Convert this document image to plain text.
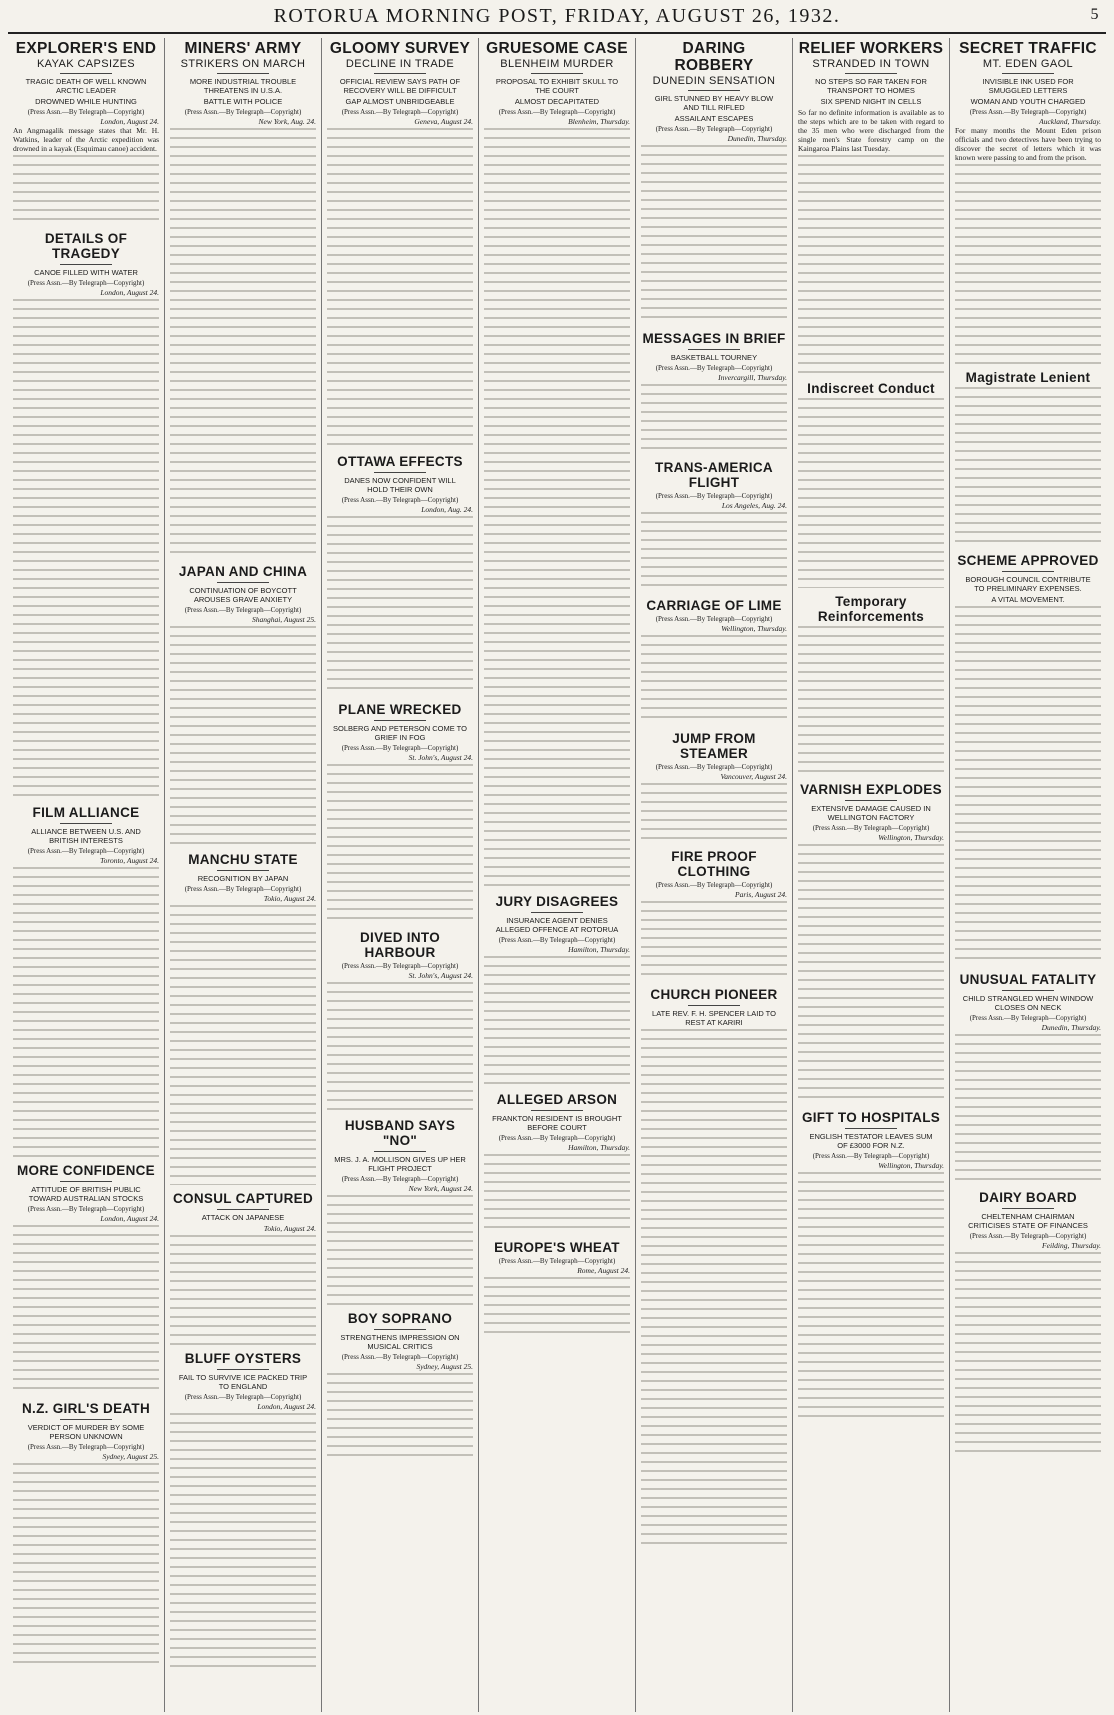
ROTORUA MORNING POST, FRIDAY, AUGUST 26, 1932.	5
EXPLORER'S END
KAYAK CAPSIZES
TRAGIC DEATH OF WELL KNOWN ARCTIC LEADER
DROWNED WHILE HUNTING
(Press Assn.—By Telegraph—Copyright)
London, August 24.
An Angmagalik message states that Mr. H. Watkins, leader of the Arctic expedition was drowned in a kayak (Esquimau canoe) accident.
DETAILS OF TRAGEDY
CANOE FILLED WITH WATER
(Press Assn.—By Telegraph—Copyright)
London, August 24.
FILM ALLIANCE
ALLIANCE BETWEEN U.S. AND BRITISH INTERESTS
(Press Assn.—By Telegraph—Copyright)
Toronto, August 24.
MORE CONFIDENCE
ATTITUDE OF BRITISH PUBLIC TOWARD AUSTRALIAN STOCKS
(Press Assn.—By Telegraph—Copyright)
London, August 24.
N.Z. GIRL'S DEATH
VERDICT OF MURDER BY SOME PERSON UNKNOWN
(Press Assn.—By Telegraph—Copyright)
Sydney, August 25.
MINERS' ARMY
STRIKERS ON MARCH
MORE INDUSTRIAL TROUBLE THREATENS IN U.S.A.
BATTLE WITH POLICE
(Press Assn.—By Telegraph—Copyright)
New York, Aug. 24.
JAPAN AND CHINA
CONTINUATION OF BOYCOTT AROUSES GRAVE ANXIETY
(Press Assn.—By Telegraph—Copyright)
Shanghai, August 25.
MANCHU STATE
RECOGNITION BY JAPAN
(Press Assn.—By Telegraph—Copyright)
Tokio, August 24.
CONSUL CAPTURED
ATTACK ON JAPANESE
Tokio, August 24.
BLUFF OYSTERS
FAIL TO SURVIVE ICE PACKED TRIP TO ENGLAND
(Press Assn.—By Telegraph—Copyright)
London, August 24.
GLOOMY SURVEY
DECLINE IN TRADE
OFFICIAL REVIEW SAYS PATH OF RECOVERY WILL BE DIFFICULT
GAP ALMOST UNBRIDGEABLE
(Press Assn.—By Telegraph—Copyright)
Geneva, August 24.
OTTAWA EFFECTS
DANES NOW CONFIDENT WILL HOLD THEIR OWN
(Press Assn.—By Telegraph—Copyright)
London, Aug. 24.
PLANE WRECKED
SOLBERG AND PETERSON COME TO GRIEF IN FOG
(Press Assn.—By Telegraph—Copyright)
St. John's, August 24.
DIVED INTO HARBOUR
(Press Assn.—By Telegraph—Copyright)
St. John's, August 24.
HUSBAND SAYS "NO"
MRS. J. A. MOLLISON GIVES UP HER FLIGHT PROJECT
(Press Assn.—By Telegraph—Copyright)
New York, August 24.
BOY SOPRANO
STRENGTHENS IMPRESSION ON MUSICAL CRITICS
(Press Assn.—By Telegraph—Copyright)
Sydney, August 25.
GRUESOME CASE
BLENHEIM MURDER
PROPOSAL TO EXHIBIT SKULL TO THE COURT
ALMOST DECAPITATED
(Press Assn.—By Telegraph—Copyright)
Blenheim, Thursday.
JURY DISAGREES
INSURANCE AGENT DENIES ALLEGED OFFENCE AT ROTORUA
(Press Assn.—By Telegraph—Copyright)
Hamilton, Thursday.
ALLEGED ARSON
FRANKTON RESIDENT IS BROUGHT BEFORE COURT
(Press Assn.—By Telegraph—Copyright)
Hamilton, Thursday.
EUROPE'S WHEAT
(Press Assn.—By Telegraph—Copyright)
Rome, August 24.
DARING ROBBERY
DUNEDIN SENSATION
GIRL STUNNED BY HEAVY BLOW AND TILL RIFLED
ASSAILANT ESCAPES
(Press Assn.—By Telegraph—Copyright)
Dunedin, Thursday.
MESSAGES IN BRIEF
BASKETBALL TOURNEY
(Press Assn.—By Telegraph—Copyright)
Invercargill, Thursday.
TRANS-AMERICA FLIGHT
(Press Assn.—By Telegraph—Copyright)
Los Angeles, Aug. 24.
CARRIAGE OF LIME
(Press Assn.—By Telegraph—Copyright)
Wellington, Thursday.
JUMP FROM STEAMER
(Press Assn.—By Telegraph—Copyright)
Vancouver, August 24.
FIRE PROOF CLOTHING
(Press Assn.—By Telegraph—Copyright)
Paris, August 24.
CHURCH PIONEER
LATE REV. F. H. SPENCER LAID TO REST AT KARIRI
RELIEF WORKERS
STRANDED IN TOWN
NO STEPS SO FAR TAKEN FOR TRANSPORT TO HOMES
SIX SPEND NIGHT IN CELLS
So far no definite information is available as to the steps which are to be taken with regard to the 35 men who were discharged from the single men's State forestry camp on the Kaingaroa Plains last Tuesday.
Indiscreet Conduct
Temporary Reinforcements
VARNISH EXPLODES
EXTENSIVE DAMAGE CAUSED IN WELLINGTON FACTORY
(Press Assn.—By Telegraph—Copyright)
Wellington, Thursday.
GIFT TO HOSPITALS
ENGLISH TESTATOR LEAVES SUM OF £3000 FOR N.Z.
(Press Assn.—By Telegraph—Copyright)
Wellington, Thursday.
SECRET TRAFFIC
MT. EDEN GAOL
INVISIBLE INK USED FOR SMUGGLED LETTERS
WOMAN AND YOUTH CHARGED
(Press Assn.—By Telegraph—Copyright)
Auckland, Thursday.
For many months the Mount Eden prison officials and two detectives have been trying to discover the secret of letters which it was known were passing to and from the prison.
Magistrate Lenient
SCHEME APPROVED
BOROUGH COUNCIL CONTRIBUTE TO PRELIMINARY EXPENSES.
A VITAL MOVEMENT.
UNUSUAL FATALITY
CHILD STRANGLED WHEN WINDOW CLOSES ON NECK
(Press Assn.—By Telegraph—Copyright)
Dunedin, Thursday.
DAIRY BOARD
CHELTENHAM CHAIRMAN CRITICISES STATE OF FINANCES
(Press Assn.—By Telegraph—Copyright)
Feilding, Thursday.
